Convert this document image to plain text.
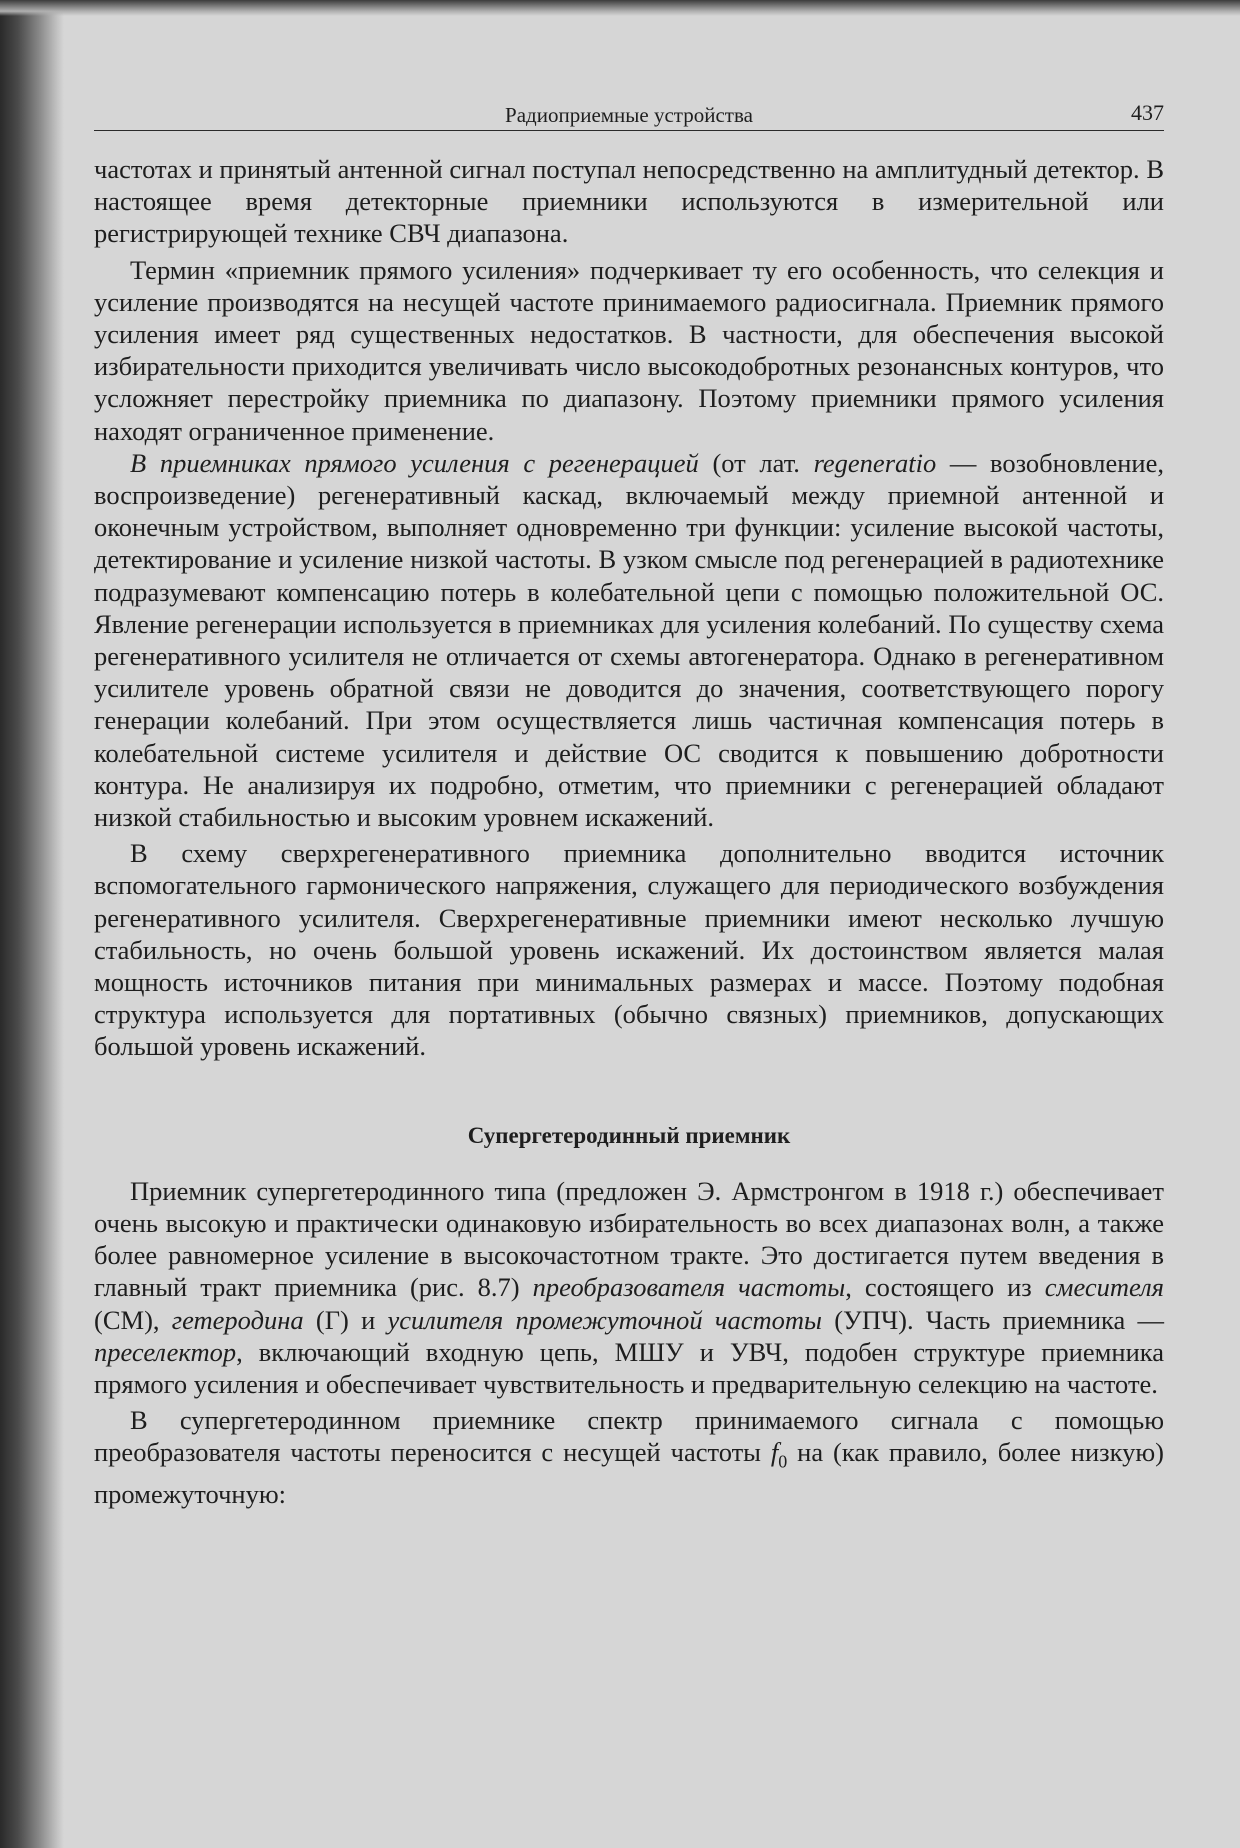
Радиоприемные устройства	437

частотах и принятый антенной сигнал поступал непосредственно на амплитудный детектор. В настоящее время детекторные приемники используются в измерительной или регистрирующей технике СВЧ диапазона.

Термин «приемник прямого усиления» подчеркивает ту его особенность, что селекция и усиление производятся на несущей частоте принимаемого радиосигнала. Приемник прямого усиления имеет ряд существенных недостатков. В частности, для обеспечения высокой избирательности приходится увеличивать число высокодобротных резонансных контуров, что усложняет перестройку приемника по диапазону. Поэтому приемники прямого усиления находят ограниченное применение.

В приемниках прямого усиления с регенерацией (от лат. regeneratio — возобновление, воспроизведение) регенеративный каскад, включаемый между приемной антенной и оконечным устройством, выполняет одновременно три функции: усиление высокой частоты, детектирование и усиление низкой частоты. В узком смысле под регенерацией в радиотехнике подразумевают компенсацию потерь в колебательной цепи с помощью положительной ОС. Явление регенерации используется в приемниках для усиления колебаний. По существу схема регенеративного усилителя не отличается от схемы автогенератора. Однако в регенеративном усилителе уровень обратной связи не доводится до значения, соответствующего порогу генерации колебаний. При этом осуществляется лишь частичная компенсация потерь в колебательной системе усилителя и действие ОС сводится к повышению добротности контура. Не анализируя их подробно, отметим, что приемники с регенерацией обладают низкой стабильностью и высоким уровнем искажений.

В схему сверхрегенеративного приемника дополнительно вводится источник вспомогательного гармонического напряжения, служащего для периодического возбуждения регенеративного усилителя. Сверхрегенеративные приемники имеют несколько лучшую стабильность, но очень большой уровень искажений. Их достоинством является малая мощность источников питания при минимальных размерах и массе. Поэтому подобная структура используется для портативных (обычно связных) приемников, допускающих большой уровень искажений.

Супергетеродинный приемник

Приемник супергетеродинного типа (предложен Э. Армстронгом в 1918 г.) обеспечивает очень высокую и практически одинаковую избирательность во всех диапазонах волн, а также более равномерное усиление в высокочастотном тракте. Это достигается путем введения в главный тракт приемника (рис. 8.7) преобразователя частоты, состоящего из смесителя (СМ), гетеродина (Г) и усилителя промежуточной частоты (УПЧ). Часть приемника — преселектор, включающий входную цепь, МШУ и УВЧ, подобен структуре приемника прямого усиления и обеспечивает чувствительность и предварительную селекцию на частоте.

В супергетеродинном приемнике спектр принимаемого сигнала с помощью преобразователя частоты переносится с несущей частоты $f_0$ на (как правило, более низкую) промежуточную:
